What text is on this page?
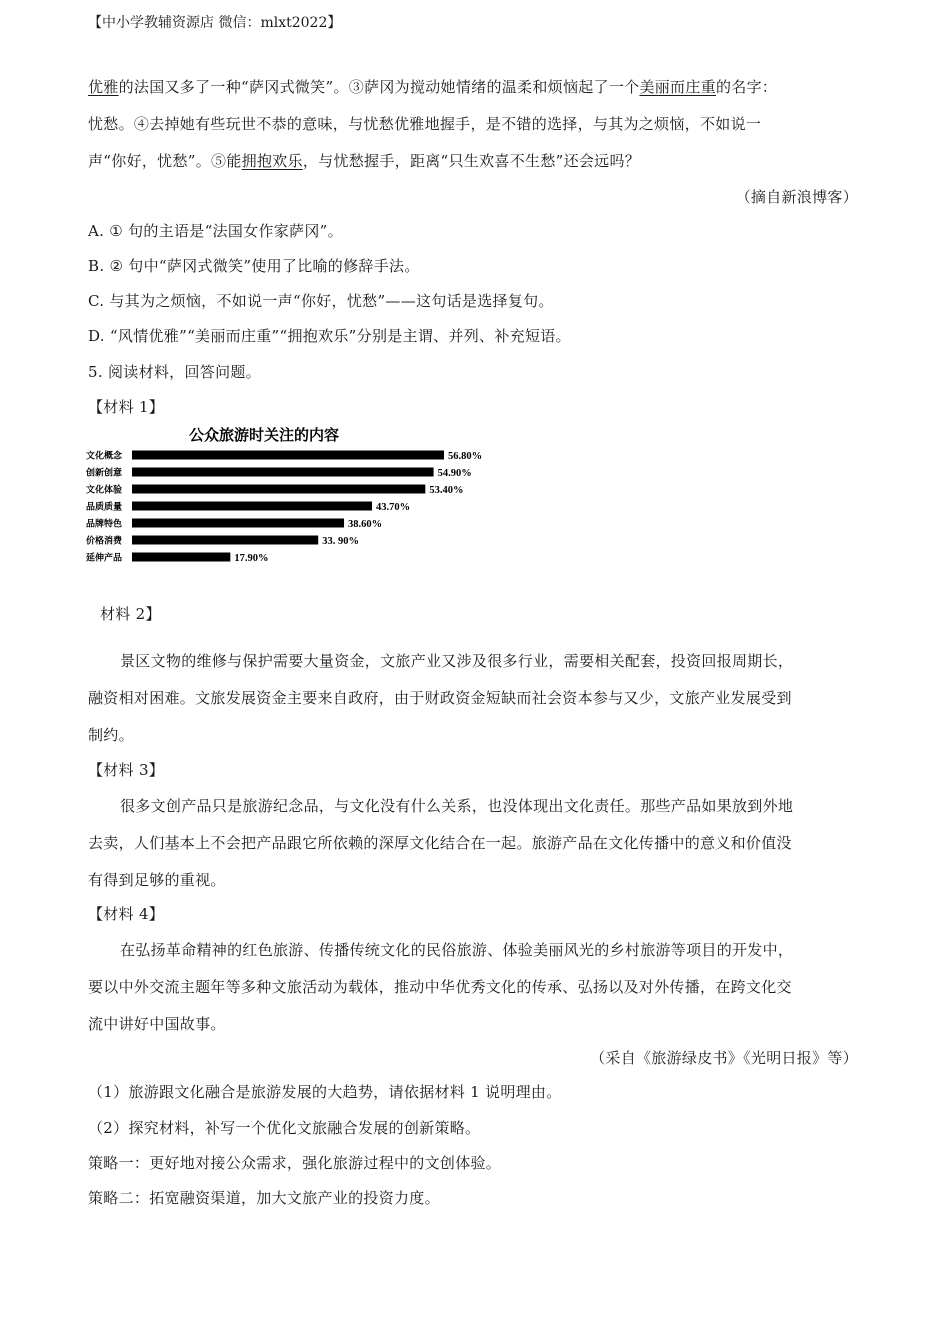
【中小学教辅资源店 微信：mlxt2022】
优雅的法国又多了一种“萨冈式微笑”。③萨冈为搅动她情绪的温柔和烦恼起了一个美丽而庄重的名字：
忧愁。④去掉她有些玩世不恭的意味，与忧愁优雅地握手，是不错的选择，与其为之烦恼，不如说一
声“你好，忧愁”。⑤能拥抱欢乐，与忧愁握手，距离“只生欢喜不生愁”还会远吗？
（摘自新浪博客）
A. ① 句的主语是“法国女作家萨冈”。
B. ② 句中“萨冈式微笑”使用了比喻的修辞手法。
C. 与其为之烦恼，不如说一声“你好，忧愁”——这句话是选择复句。
D. “风情优雅”“美丽而庄重”“拥抱欢乐”分别是主谓、并列、补充短语。
5. 阅读材料，回答问题。
【材料 1】
公众旅游时关注的内容
文化概念	56.80%
创新创意	54.90%
文化体验	53.40%
品质质量	43.70%
品牌特色	38.60%
价格消费	33. 90%
延伸产品	17.90%
材料 2】
景区文物的维修与保护需要大量资金，文旅产业又涉及很多行业，需要相关配套，投资回报周期长，
融资相对困难。文旅发展资金主要来自政府，由于财政资金短缺而社会资本参与又少，文旅产业发展受到
制约。
【材料 3】
很多文创产品只是旅游纪念品，与文化没有什么关系，也没体现出文化责任。那些产品如果放到外地
去卖，人们基本上不会把产品跟它所依赖的深厚文化结合在一起。旅游产品在文化传播中的意义和价值没
有得到足够的重视。
【材料 4】
在弘扬革命精神的红色旅游、传播传统文化的民俗旅游、体验美丽风光的乡村旅游等项目的开发中，
要以中外交流主题年等多种文旅活动为载体，推动中华优秀文化的传承、弘扬以及对外传播，在跨文化交
流中讲好中国故事。
（采自《旅游绿皮书》《光明日报》等）
（1）旅游跟文化融合是旅游发展的大趋势，请依据材料 1 说明理由。
（2）探究材料，补写一个优化文旅融合发展的创新策略。
策略一：更好地对接公众需求，强化旅游过程中的文创体验。
策略二：拓宽融资渠道，加大文旅产业的投资力度。
